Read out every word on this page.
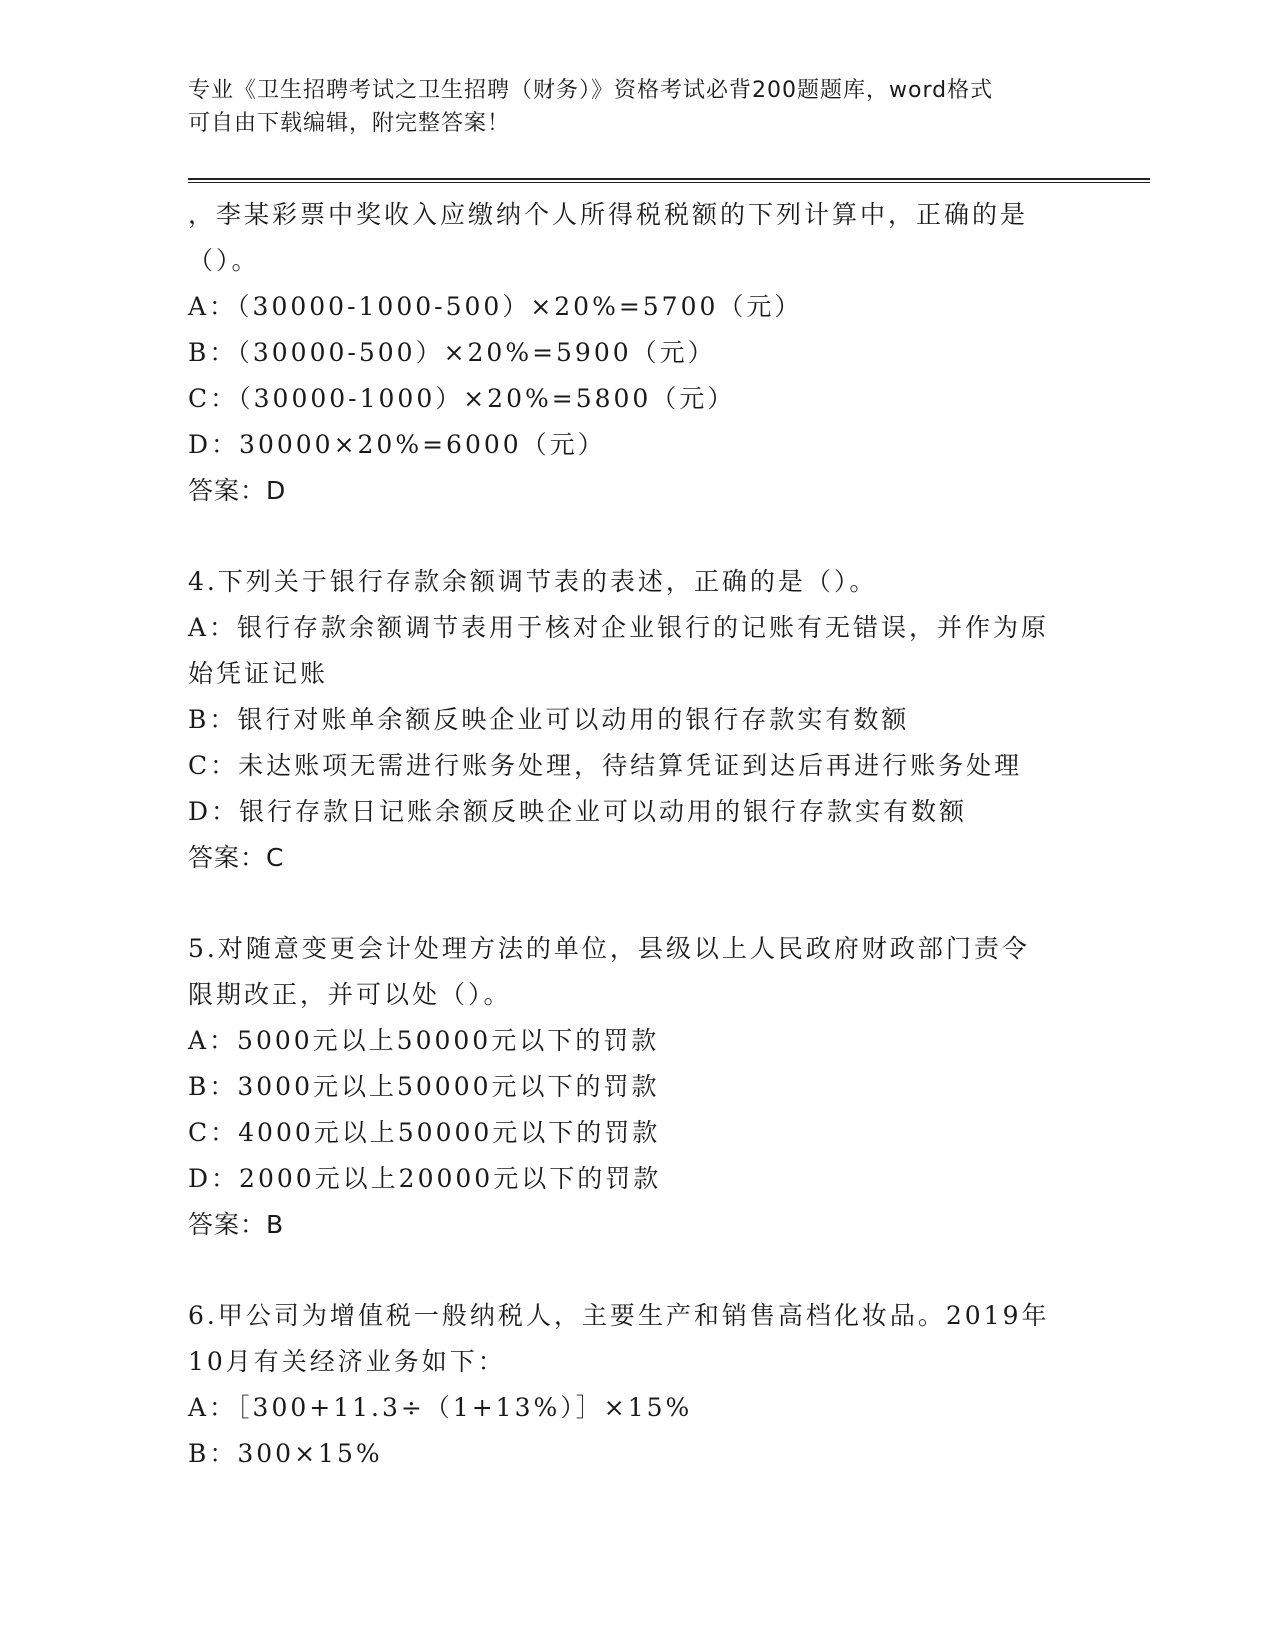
专业《卫生招聘考试之卫生招聘（财务）》资格考试必背200题题库，word格式
可自由下载编辑，附完整答案！
，李某彩票中奖收入应缴纳个人所得税税额的下列计算中，正确的是
（）。
A：（30000-1000-500）×20%=5700（元）
B：（30000-500）×20%=5900（元）
C：（30000-1000）×20%=5800（元）
D：30000×20%=6000（元）
答案：D
4.下列关于银行存款余额调节表的表述，正确的是（）。
A：银行存款余额调节表用于核对企业银行的记账有无错误，并作为原
始凭证记账
B：银行对账单余额反映企业可以动用的银行存款实有数额
C：未达账项无需进行账务处理，待结算凭证到达后再进行账务处理
D：银行存款日记账余额反映企业可以动用的银行存款实有数额
答案：C
5.对随意变更会计处理方法的单位，县级以上人民政府财政部门责令
限期改正，并可以处（）。
A：5000元以上50000元以下的罚款
B：3000元以上50000元以下的罚款
C：4000元以上50000元以下的罚款
D：2000元以上20000元以下的罚款
答案：B
6.甲公司为增值税一般纳税人，主要生产和销售高档化妆品。2019年
10月有关经济业务如下：
A：［300+11.3÷（1+13%）］×15%
B：300×15%
